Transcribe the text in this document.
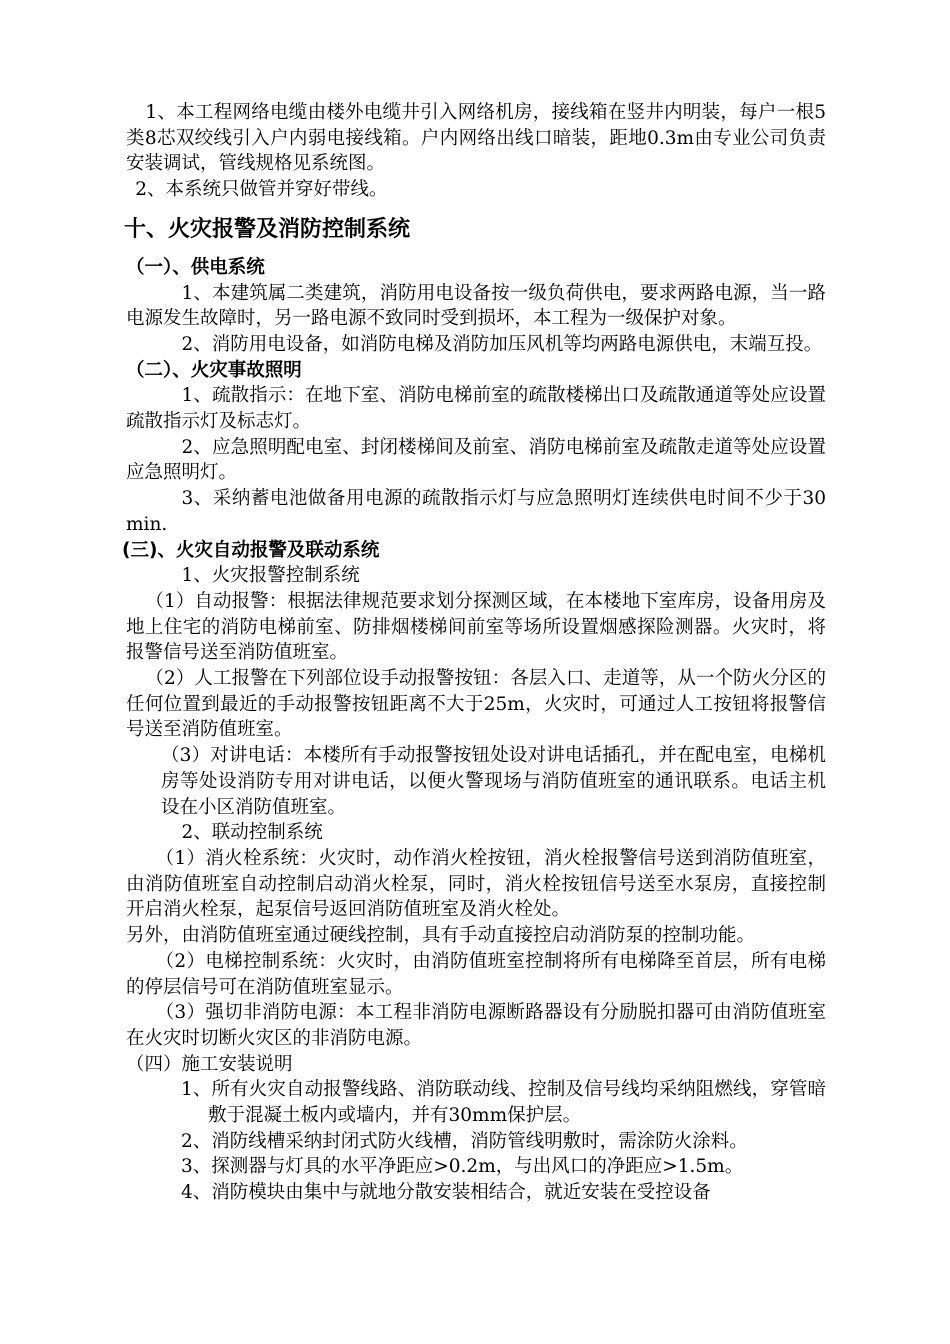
1、本工程网络电缆由楼外电缆井引入网络机房，接线箱在竖井内明装，每户一根5类8芯双绞线引入户内弱电接线箱。户内网络出线口暗装，距地0.3m由专业公司负责安装调试，管线规格见系统图。

2、本系统只做管并穿好带线。

十、火灾报警及消防控制系统
（一）、供电系统

1、本建筑属二类建筑，消防用电设备按一级负荷供电，要求两路电源，当一路电源发生故障时，另一路电源不致同时受到损坏，本工程为一级保护对象。

2、消防用电设备，如消防电梯及消防加压风机等均两路电源供电，末端互投。

（二）、火灾事故照明

1、疏散指示：在地下室、消防电梯前室的疏散楼梯出口及疏散通道等处应设置疏散指示灯及标志灯。

2、应急照明配电室、封闭楼梯间及前室、消防电梯前室及疏散走道等处应设置应急照明灯。

3、采纳蓄电池做备用电源的疏散指示灯与应急照明灯连续供电时间不少于30min.

(三)、火灾自动报警及联动系统

1、火灾报警控制系统

（1）自动报警：根据法律规范要求划分探测区域，在本楼地下室库房，设备用房及地上住宅的消防电梯前室、防排烟楼梯间前室等场所设置烟感探险测器。火灾时，将报警信号送至消防值班室。

（2）人工报警在下列部位设手动报警按钮：各层入口、走道等，从一个防火分区的任何位置到最近的手动报警按钮距离不大于25m，火灾时，可通过人工按钮将报警信号送至消防值班室。

（3）对讲电话：本楼所有手动报警按钮处设对讲电话插孔，并在配电室，电梯机房等处设消防专用对讲电话，以便火警现场与消防值班室的通讯联系。电话主机设在小区消防值班室。

2、联动控制系统

（1）消火栓系统：火灾时，动作消火栓按钮，消火栓报警信号送到消防值班室，由消防值班室自动控制启动消火栓泵，同时，消火栓按钮信号送至水泵房，直接控制开启消火栓泵，起泵信号返回消防值班室及消火栓处。

另外，由消防值班室通过硬线控制，具有手动直接控启动消防泵的控制功能。

（2）电梯控制系统：火灾时，由消防值班室控制将所有电梯降至首层，所有电梯的停层信号可在消防值班室显示。

（3）强切非消防电源：本工程非消防电源断路器设有分励脱扣器可由消防值班室在火灾时切断火灾区的非消防电源。

（四）施工安装说明

1、所有火灾自动报警线路、消防联动线、控制及信号线均采纳阻燃线，穿管暗敷于混凝土板内或墙内，并有30mm保护层。

2、消防线槽采纳封闭式防火线槽，消防管线明敷时，需涂防火涂料。

3、探测器与灯具的水平净距应>0.2m，与出风口的净距应>1.5m。

4、消防模块由集中与就地分散安装相结合，就近安装在受控设备
